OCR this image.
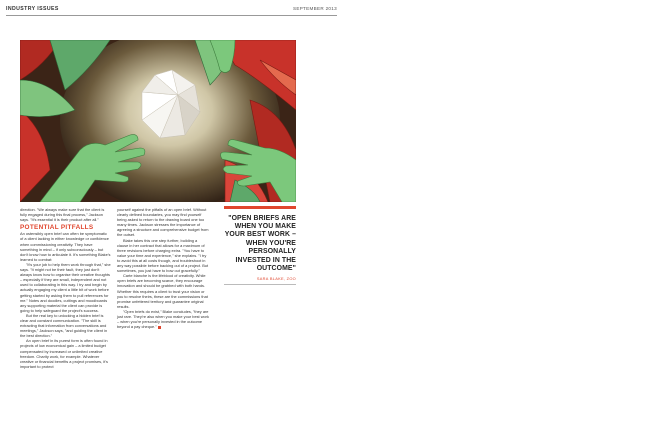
INDUSTRY ISSUES	SEPTEMBER 2013

direction. "We always make sure that the client is fully engaged during this final process," Jackson says. "It's essential it is their product after all."

POTENTIAL PITFALLS

An ostensibly open brief can often be symptomatic of a client lacking in either knowledge or confidence when commissioning creativity. They have something in mind – if only subconsciously – but don't know how to articulate it. It's something Blake's learned to combat:

"It's your job to help them work through that," she says. "It might not be their fault, they just don't always know how to organise their creative thoughts – especially if they are small, independent and not used to collaborating in this way. I try and begin by actually engaging my client a little bit of work before getting started by asking them to pull references for me." Notes and doodles, cuttings and moodboards any supporting material the client can provide is going to help safeguard the project's success.

But the real key to unlocking a hidden brief is clear and constant communication. "The skill is extracting that information from conversations and meetings," Jackson says, "and guiding the client in the best direction."

An open brief in its purest form is often found in projects of low economical gain – a limited budget compensated by increased or unlimited creative freedom. Charity work, for example. Whatever creative or financial benefits a project promises, it's important to protect

yourself against the pitfalls of an open brief. Without clearly defined boundaries, you may find yourself being asked to return to the drawing board one too many times. Jackson stresses the importance of agreeing a structure and comprehensive budget from the outset.

Blake takes this one step further, building a clause in her contract that allows for a maximum of three revisions before charging extra. "You have to value your time and experience," she explains. "I try to avoid this at all costs though, and troubleshoot in any way possible before backing out of a project. But sometimes, you just have to bow out gracefully."

Carte blanche is the lifeblood of creativity. While open briefs are becoming scarce, they encourage innovation and should be grabbed with both hands. Whether this requires a client to trust your vision or you to resolve theirs, these are the commissions that promise unfettered territory and guarantee original results.

"Open briefs do exist," Blake concludes, "they are just rare. They're also when you make your best work – when you're personally invested in the outcome beyond a pay cheque."

"OPEN BRIEFS ARE WHEN YOU MAKE YOUR BEST WORK – WHEN YOU'RE PERSONALLY INVESTED IN THE OUTCOME"
SARA BLAKE, ZOO
